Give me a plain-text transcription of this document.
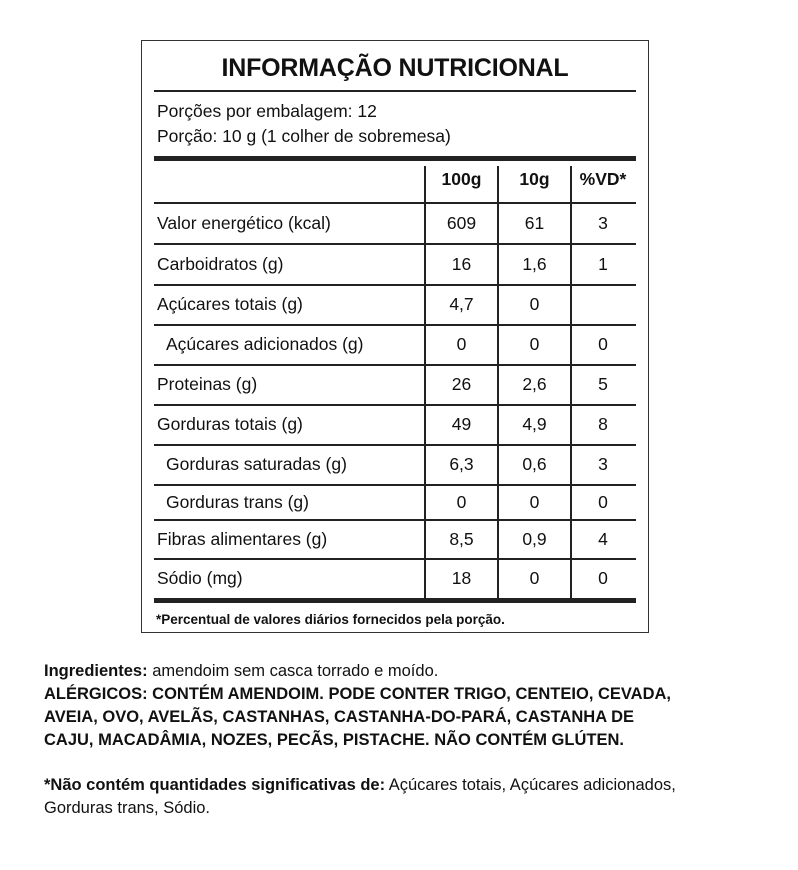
INFORMAÇÃO NUTRICIONAL
Porções por embalagem: 12
Porção: 10 g (1 colher de sobremesa)
100g	10g	%VD*
Valor energético (kcal)	609	61	3
Carboidratos (g)	16	1,6	1
Açúcares totais (g)	4,7	0
Açúcares adicionados (g)	0	0	0
Proteinas (g)	26	2,6	5
Gorduras totais (g)	49	4,9	8
Gorduras saturadas (g)	6,3	0,6	3
Gorduras trans (g)	0	0	0
Fibras alimentares (g)	8,5	0,9	4
Sódio (mg)	18	0	0
*Percentual de valores diários fornecidos pela porção.
Ingredientes: amendoim sem casca torrado e moído.
ALÉRGICOS: CONTÉM AMENDOIM. PODE CONTER TRIGO, CENTEIO, CEVADA,
AVEIA, OVO, AVELÃS, CASTANHAS, CASTANHA-DO-PARÁ, CASTANHA DE
CAJU, MACADÂMIA, NOZES, PECÃS, PISTACHE. NÃO CONTÉM GLÚTEN.
*Não contém quantidades significativas de: Açúcares totais, Açúcares adicionados,
Gorduras trans, Sódio.
